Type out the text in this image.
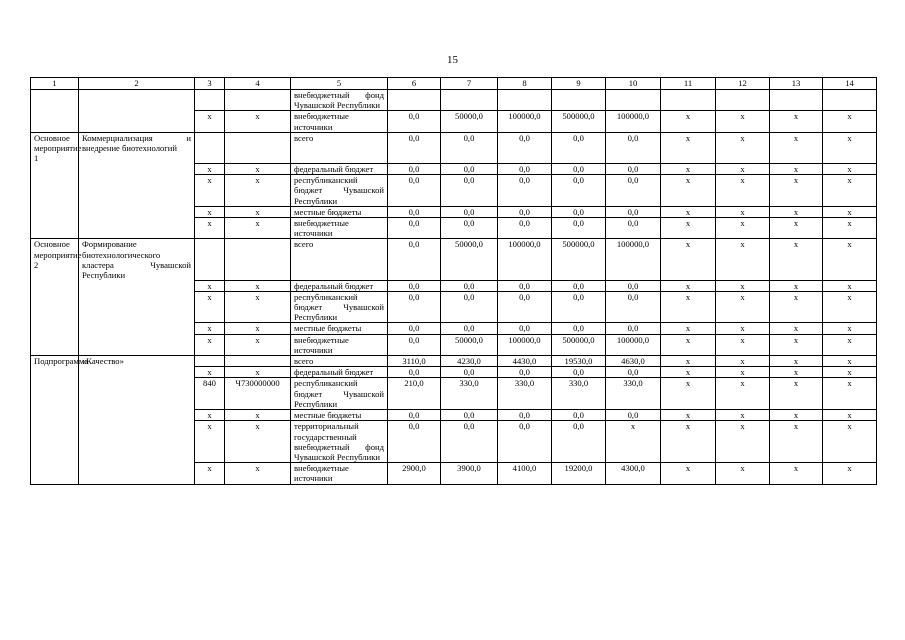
15
1	2	3	4	5	6	7	8	9	10	11	12	13	14
				внебюджетный фонд Чувашской Республики									
		x	x	внебюджетные источники	0,0	50000,0	100000,0	500000,0	100000,0	x	x	x	x
Основное мероприятие 1	Коммерциализация и внедрение биотехнологий			всего	0,0	0,0	0,0	0,0	0,0	x	x	x	x
		x	x	федеральный бюджет	0,0	0,0	0,0	0,0	0,0	x	x	x	x
		x	x	республиканский бюджет Чувашской Республики	0,0	0,0	0,0	0,0	0,0	x	x	x	x
		x	x	местные бюджеты	0,0	0,0	0,0	0,0	0,0	x	x	x	x
		x	x	внебюджетные источники	0,0	0,0	0,0	0,0	0,0	x	x	x	x
Основное мероприятие 2	Формирование биотехнологического кластера Чувашской Республики			всего	0,0	50000,0	100000,0	500000,0	100000,0	x	x	x	x
		x	x	федеральный бюджет	0,0	0,0	0,0	0,0	0,0	x	x	x	x
		x	x	республиканский бюджет Чувашской Республики	0,0	0,0	0,0	0,0	0,0	x	x	x	x
		x	x	местные бюджеты	0,0	0,0	0,0	0,0	0,0	x	x	x	x
		x	x	внебюджетные источники	0,0	50000,0	100000,0	500000,0	100000,0	x	x	x	x
Подпрограмма	«Качество»			всего	3110,0	4230,0	4430,0	19530,0	4630,0	x	x	x	x
		x	x	федеральный бюджет	0,0	0,0	0,0	0,0	0,0	x	x	x	x
		840	Ч730000000	республиканский бюджет Чувашской Республики	210,0	330,0	330,0	330,0	330,0	x	x	x	x
		x	x	местные бюджеты	0,0	0,0	0,0	0,0	0,0	x	x	x	x
		x	x	территориальный государственный внебюджетный фонд Чувашской Республики	0,0	0,0	0,0	0,0	x	x	x	x	x
		x	x	внебюджетные источники	2900,0	3900,0	4100,0	19200,0	4300,0	x	x	x	x
